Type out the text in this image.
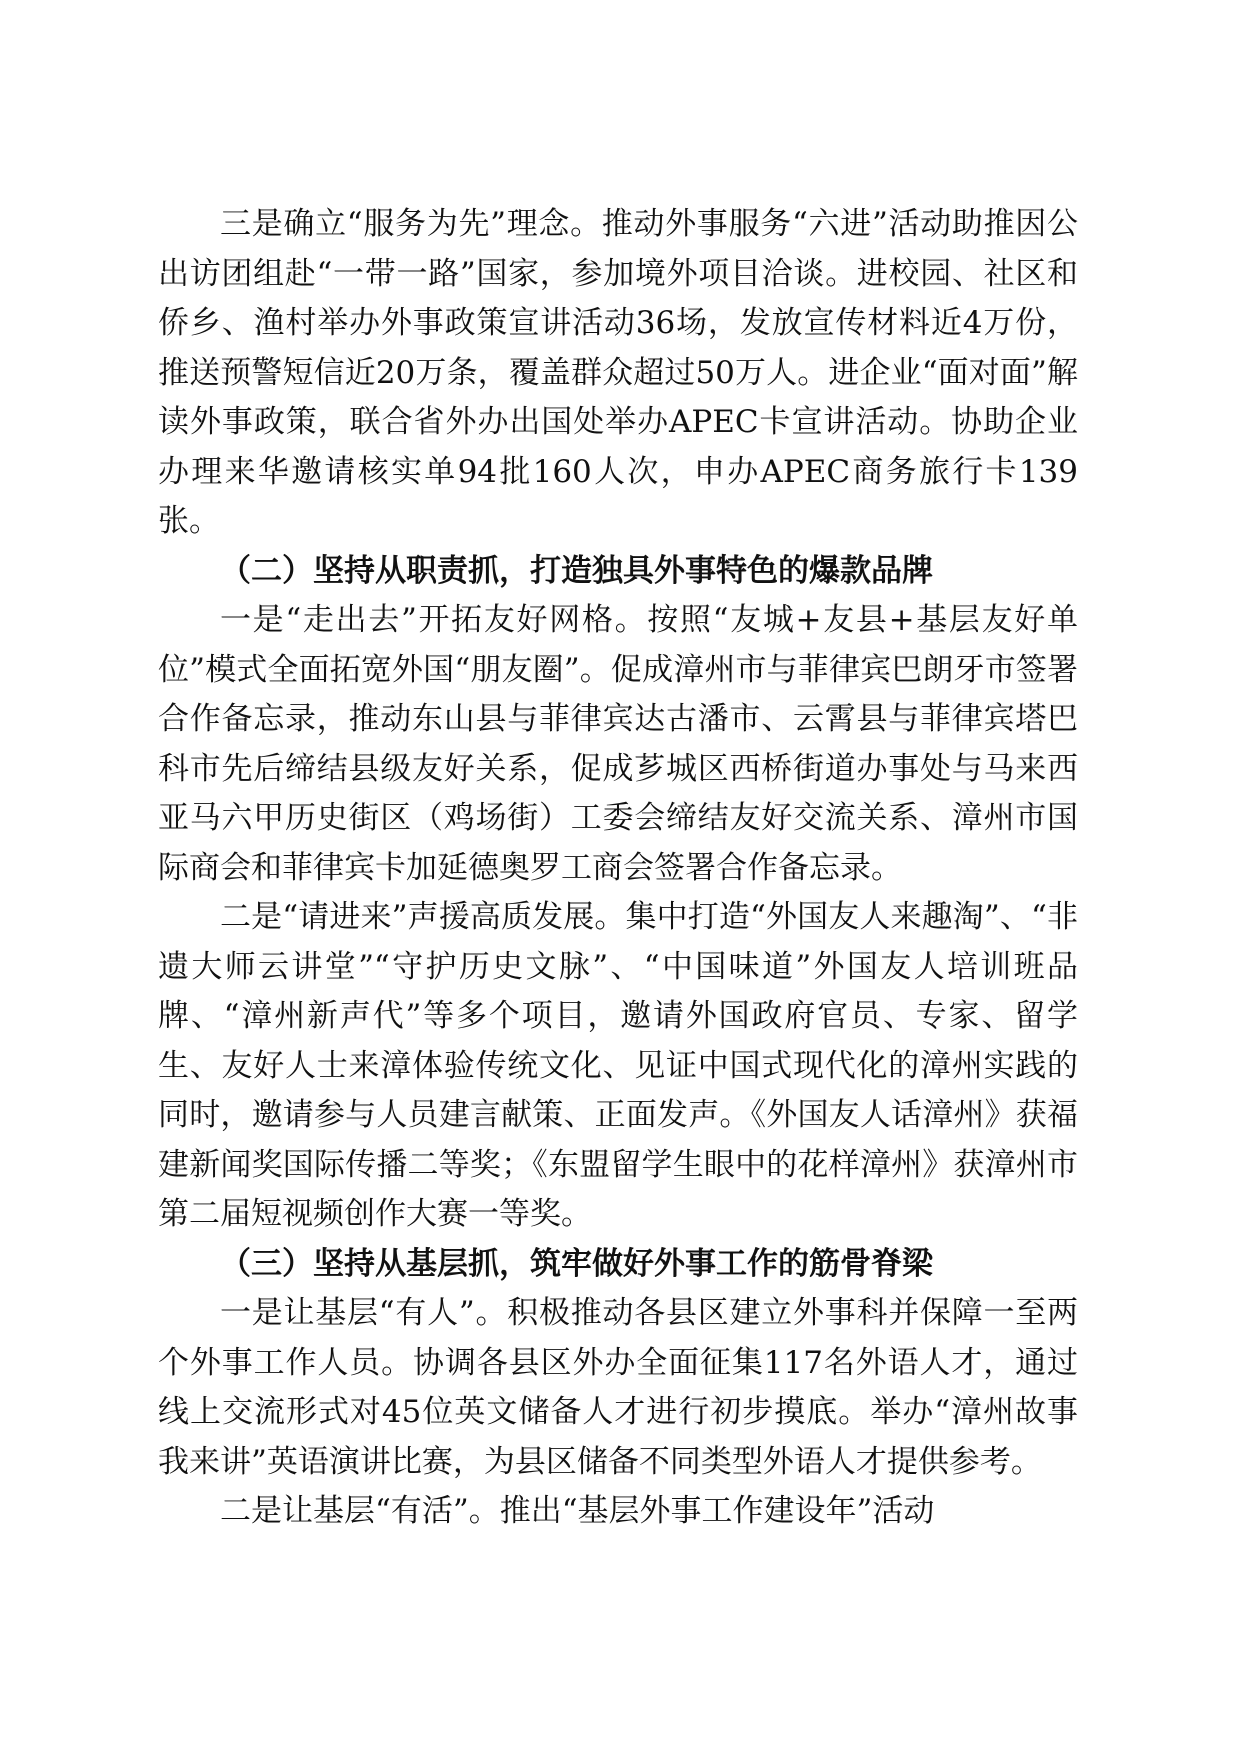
三是确立“服务为先”理念。推动外事服务“六进”活动助推因公出访团组赴“一带一路”国家，参加境外项目洽谈。进校园、社区和侨乡、渔村举办外事政策宣讲活动36场，发放宣传材料近4万份，推送预警短信近20万条，覆盖群众超过50万人。进企业“面对面”解读外事政策，联合省外办出国处举办APEC卡宣讲活动。协助企业办理来华邀请核实单94批160人次，申办APEC商务旅行卡139张。

（二）坚持从职责抓，打造独具外事特色的爆款品牌

一是“走出去”开拓友好网格。按照“友城+友县+基层友好单位”模式全面拓宽外国“朋友圈”。促成漳州市与菲律宾巴朗牙市签署合作备忘录，推动东山县与菲律宾达古潘市、云霄县与菲律宾塔巴科市先后缔结县级友好关系，促成芗城区西桥街道办事处与马来西亚马六甲历史街区（鸡场街）工委会缔结友好交流关系、漳州市国际商会和菲律宾卡加延德奥罗工商会签署合作备忘录。

二是“请进来”声援高质发展。集中打造“外国友人来趣淘”、“非遗大师云讲堂”“守护历史文脉”、“中国味道”外国友人培训班品牌、“漳州新声代”等多个项目，邀请外国政府官员、专家、留学生、友好人士来漳体验传统文化、见证中国式现代化的漳州实践的同时，邀请参与人员建言献策、正面发声。《外国友人话漳州》获福建新闻奖国际传播二等奖；《东盟留学生眼中的花样漳州》获漳州市第二届短视频创作大赛一等奖。

（三）坚持从基层抓，筑牢做好外事工作的筋骨脊梁

一是让基层“有人”。积极推动各县区建立外事科并保障一至两个外事工作人员。协调各县区外办全面征集117名外语人才，通过线上交流形式对45位英文储备人才进行初步摸底。举办“漳州故事我来讲”英语演讲比赛，为县区储备不同类型外语人才提供参考。

二是让基层“有活”。推出“基层外事工作建设年”活动
